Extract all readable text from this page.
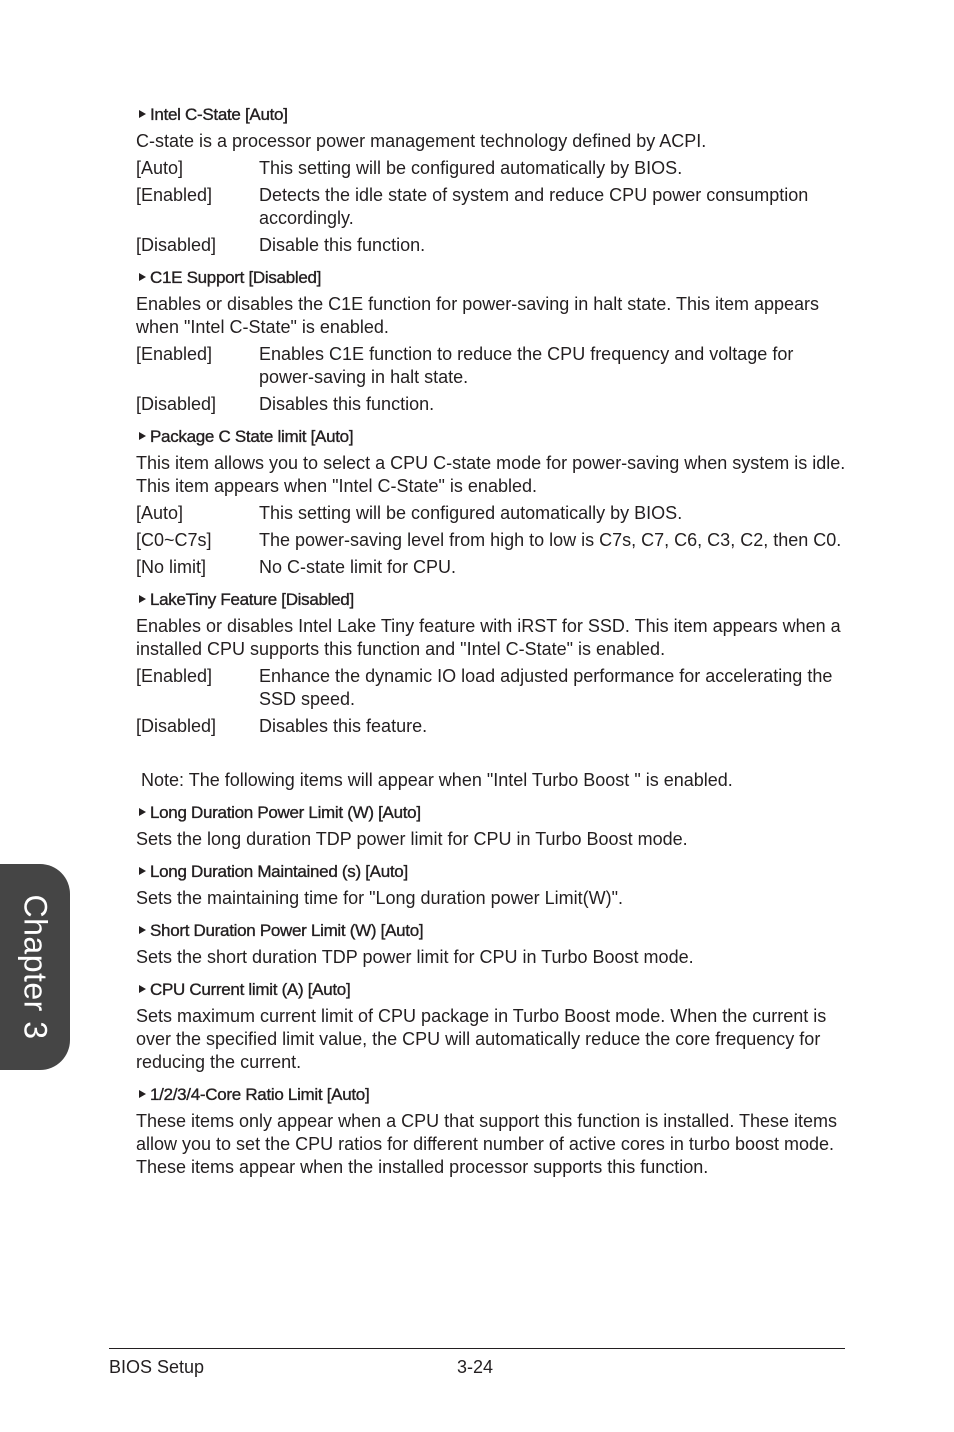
Intel C-State [Auto]
C-state is a processor power management technology defined by ACPI.
[Auto]	This setting will be configured automatically by BIOS.
[Enabled]	Detects the idle state of system and reduce CPU power consumption accordingly.
[Disabled]	Disable this function.
C1E Support [Disabled]
Enables or disables the C1E function for power-saving in halt state. This item appears when "Intel C-State" is enabled.
[Enabled]	Enables C1E function to reduce the CPU frequency and voltage for power-saving in halt state.
[Disabled]	Disables this function.
Package C State limit [Auto]
This item allows you to select a CPU C-state mode for power-saving when system is idle. This item appears when "Intel C-State" is enabled.
[Auto]	This setting will be configured automatically by BIOS.
[C0~C7s]	The power-saving level from high to low is C7s, C7, C6, C3, C2, then C0.
[No limit]	No C-state limit for CPU.
LakeTiny Feature [Disabled]
Enables or disables Intel Lake Tiny feature with iRST for SSD. This item appears when a installed CPU supports this function and "Intel C-State" is enabled.
[Enabled]	Enhance the dynamic IO load adjusted performance for accelerating the SSD speed.
[Disabled]	Disables this feature.
Note: The following items will appear when "Intel Turbo Boost " is enabled.
Long Duration Power Limit (W) [Auto]
Sets the long duration TDP power limit for CPU in Turbo Boost mode.
Long Duration Maintained (s) [Auto]
Sets the maintaining time for "Long duration power Limit(W)".
Short Duration Power Limit (W) [Auto]
Sets the short duration TDP power limit for CPU in Turbo Boost mode.
CPU Current limit (A) [Auto]
Sets maximum current limit of CPU package in Turbo Boost mode. When the current is over the specified limit value, the CPU will automatically reduce the core frequency for reducing the current.
1/2/3/4-Core Ratio Limit [Auto]
These items only appear when a CPU that support this function is installed. These items allow you to set the CPU ratios for different number of active cores in turbo boost mode. These items appear when the installed processor supports this function.
Chapter 3
BIOS Setup	3-24
